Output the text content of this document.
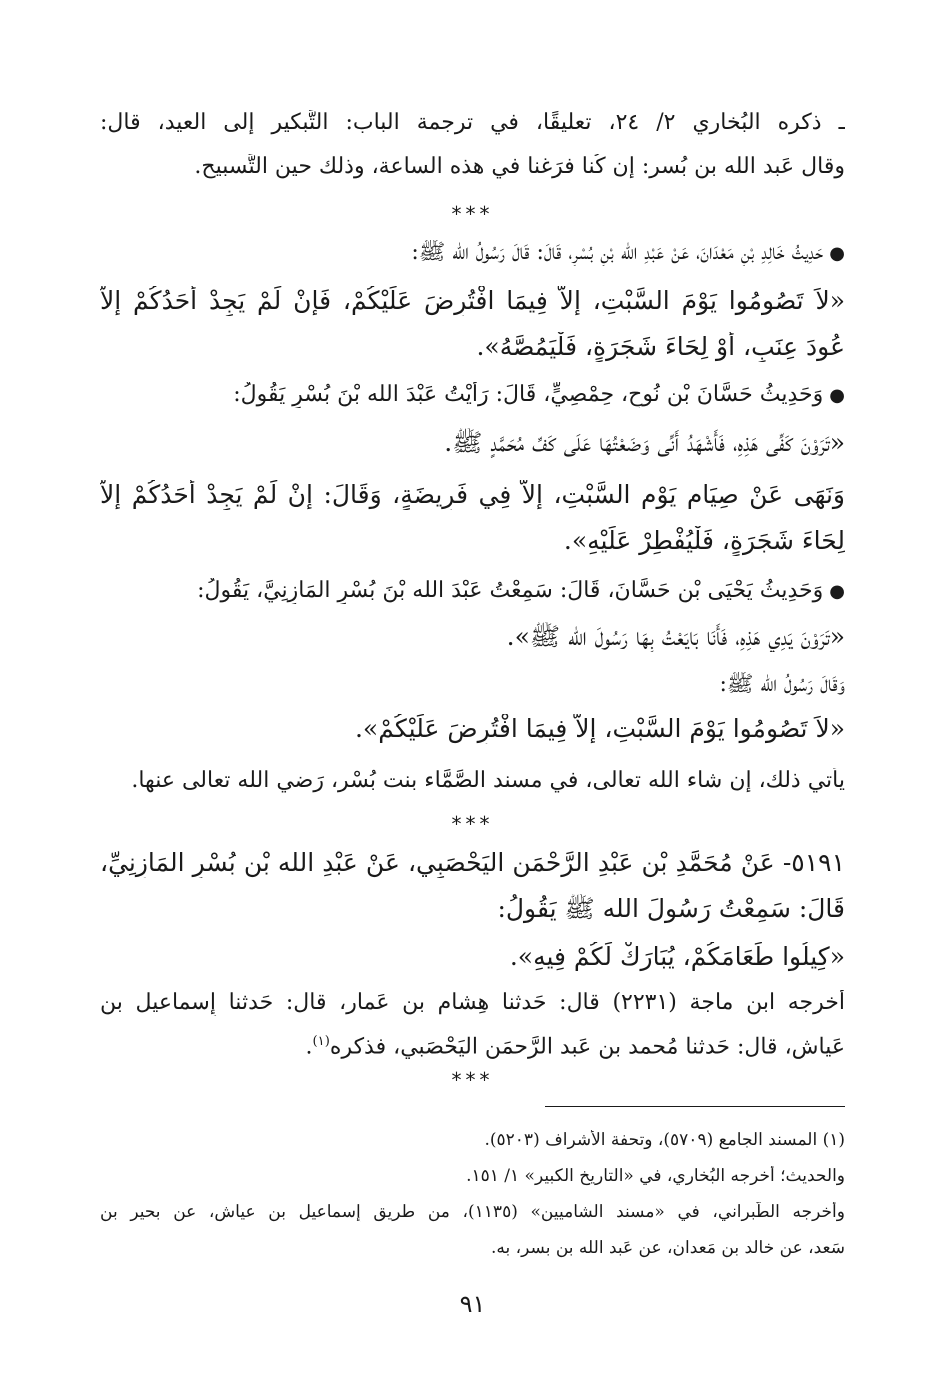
ـ ذكره البُخاري ٢/ ٢٤، تعليقًا، في ترجمة الباب: التَّبكير إلى العيد، قال:
وقال عَبد الله بن بُسر: إن كُنا فرَغنا في هذه الساعة، وذلك حين التَّسبيح.
***
●حَدِيثُ خَالِدِ بْنِ مَعْدَانَ، عَنْ عَبْدِ الله بْنِ بُسْرٍ، قَالَ: قَالَ رَسُولُ الله ﷺ:
«لاَ تَصُومُوا يَوْمَ السَّبْتِ، إِلاَّ فِيمَا افْتُرِضَ عَلَيْكُمْ، فَإِنْ لَمْ يَجِدْ أَحَدُكُمْ إِلاَّ
عُودَ عِنَبٍ، أَوْ لِحَاءَ شَجَرَةٍ، فَلْيَمُصَّهُ».
●وَحَدِيثُ حَسَّانَ بْنِ نُوحٍ، حِمْصِيٍّ، قَالَ: رَأَيْتُ عَبْدَ الله بْنَ بُسْرٍ يَقُولُ:
«تَرَوْنَ كَفِّي هَذِهِ، فَأَشْهَدُ أَنِّي وَضَعْتُهَا عَلَى كَفِّ مُحَمَّدٍ ﷺ.
وَنَهَى عَنْ صِيَامِ يَوْمِ السَّبْتِ، إِلاَّ فِي فَرِيضَةٍ، وَقَالَ: إِنْ لَمْ يَجِدْ أَحَدُكُمْ إِلاَّ
لِحَاءَ شَجَرَةٍ، فَلْيُفْطِرْ عَلَيْهِ».
●وَحَدِيثُ يَحْيَى بْنِ حَسَّانَ، قَالَ: سَمِعْتُ عَبْدَ الله بْنَ بُسْرٍ المَازِنِيَّ، يَقُولُ:
«تَرَوْنَ يَدِي هَذِهِ، فَأَنَا بَايَعْتُ بِهَا رَسُولَ الله ﷺ».
وَقَالَ رَسُولُ الله ﷺ:
«لاَ تَصُومُوا يَوْمَ السَّبْتِ، إِلاَّ فِيمَا افْتُرِضَ عَلَيْكُمْ».
يأتي ذلك، إن شاء الله تعالى، في مسند الصَّمَّاء بنت بُسْر، رَضي الله تعالى عنها.
***
٥١٩١- عَنْ مُحَمَّدِ بْنِ عَبْدِ الرَّحْمَنِ اليَحْصَبِي، عَنْ عَبْدِ الله بْنِ بُسْرٍ المَازِنِيِّ،
قَالَ: سَمِعْتُ رَسُولَ الله ﷺ يَقُولُ:
«كِيلُوا طَعَامَكُمْ، يُبَارَكْ لَكُمْ فِيهِ».
أخرجه ابن ماجة (٢٢٣١) قال: حَدثنا هِشام بن عَمار، قال: حَدثنا إِسماعيل بن
عَياش، قال: حَدثنا مُحمد بن عَبد الرَّحمَن اليَحْصَبي، فذكره$^{(١)}$.
***
(١) المسند الجامع (٥٧٠٩)، وتحفة الأشراف (٥٢٠٣).
والحديث؛ أخرجه البُخاري، في «التاريخ الكبير» ١/ ١٥١.
وأخرجه الطَّبراني، في «مسند الشاميين» (١١٣٥)، من طريق إِسماعيل بن عياش، عن بحير بن
سَعد، عن خالد بن مَعدان، عن عَبد الله بن بسر، به.
٩١
